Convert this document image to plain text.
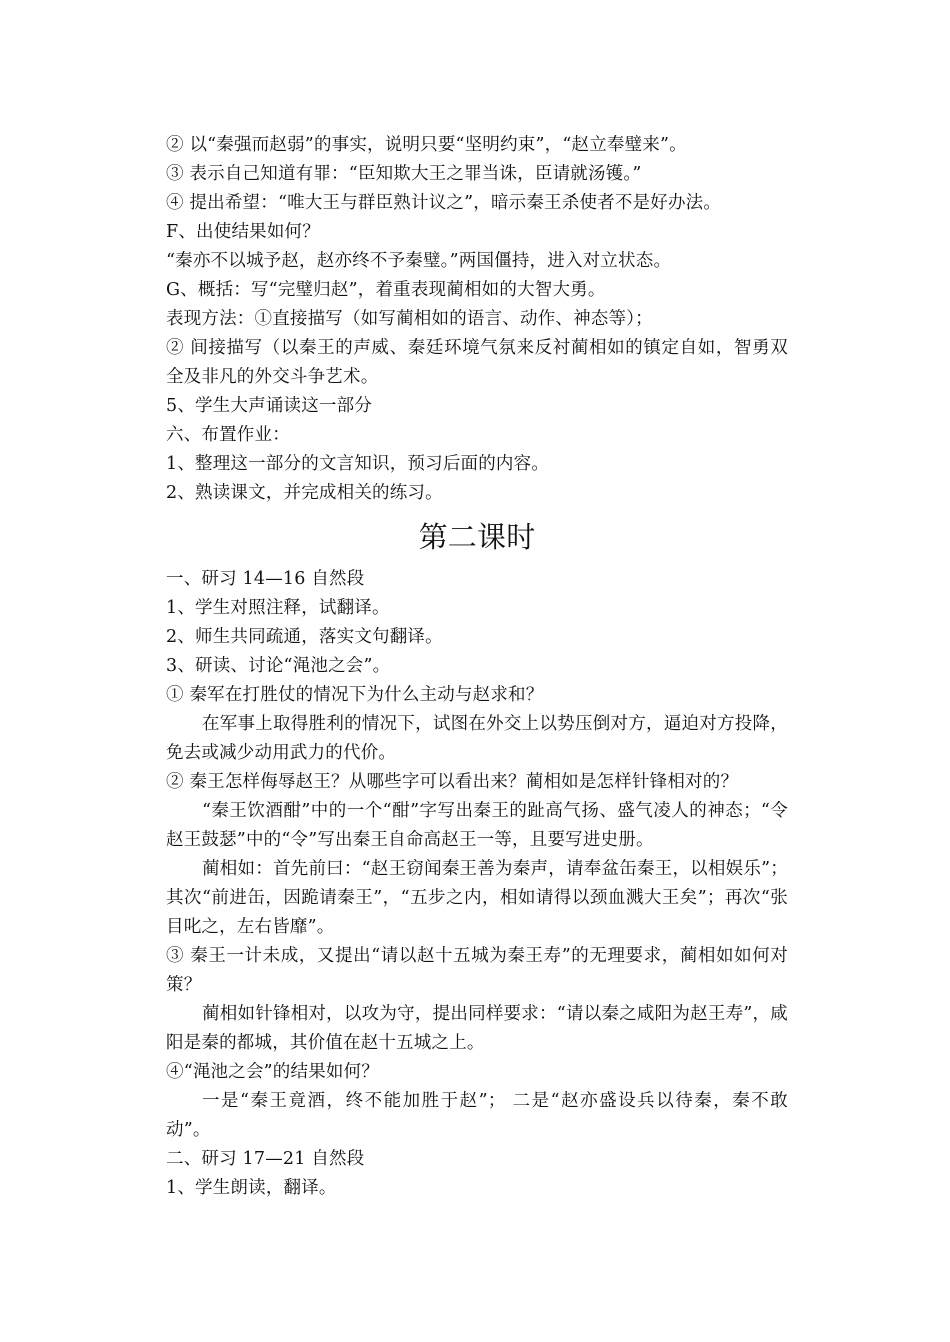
② 以“秦强而赵弱”的事实，说明只要“坚明约束”，“赵立奉璧来”。
③ 表示自己知道有罪：“臣知欺大王之罪当诛，臣请就汤镬。”
④ 提出希望：“唯大王与群臣熟计议之”，暗示秦王杀使者不是好办法。
F、出使结果如何？
“秦亦不以城予赵，赵亦终不予秦璧。”两国僵持，进入对立状态。
G、概括：写“完璧归赵”，着重表现蔺相如的大智大勇。
表现方法：①直接描写（如写蔺相如的语言、动作、神态等）；
② 间接描写（以秦王的声威、秦廷环境气氛来反衬蔺相如的镇定自如，智勇双全及非凡的外交斗争艺术。
5、学生大声诵读这一部分
六、布置作业：
1、整理这一部分的文言知识，预习后面的内容。
2、熟读课文，并完成相关的练习。
第二课时
一、研习 14—16 自然段
1、学生对照注释，试翻译。
2、师生共同疏通，落实文句翻译。
3、研读、讨论“渑池之会”。
① 秦军在打胜仗的情况下为什么主动与赵求和？
在军事上取得胜利的情况下，试图在外交上以势压倒对方，逼迫对方投降，免去或减少动用武力的代价。
② 秦王怎样侮辱赵王？从哪些字可以看出来？蔺相如是怎样针锋相对的？
“秦王饮酒酣”中的一个“酣”字写出秦王的趾高气扬、盛气凌人的神态；“令赵王鼓瑟”中的“令”写出秦王自命高赵王一等，且要写进史册。
蔺相如：首先前曰：“赵王窃闻秦王善为秦声，请奉盆缶秦王，以相娱乐”；其次“前进缶，因跪请秦王”，“五步之内，相如请得以颈血溅大王矣”；再次“张目叱之，左右皆靡”。
③ 秦王一计未成，又提出“请以赵十五城为秦王寿”的无理要求，蔺相如如何对策？
蔺相如针锋相对，以攻为守，提出同样要求：“请以秦之咸阳为赵王寿”，咸阳是秦的都城，其价值在赵十五城之上。
④“渑池之会”的结果如何？
一是“秦王竟酒，终不能加胜于赵”； 二是“赵亦盛设兵以待秦，秦不敢动”。
二、研习 17—21 自然段
1、学生朗读，翻译。
